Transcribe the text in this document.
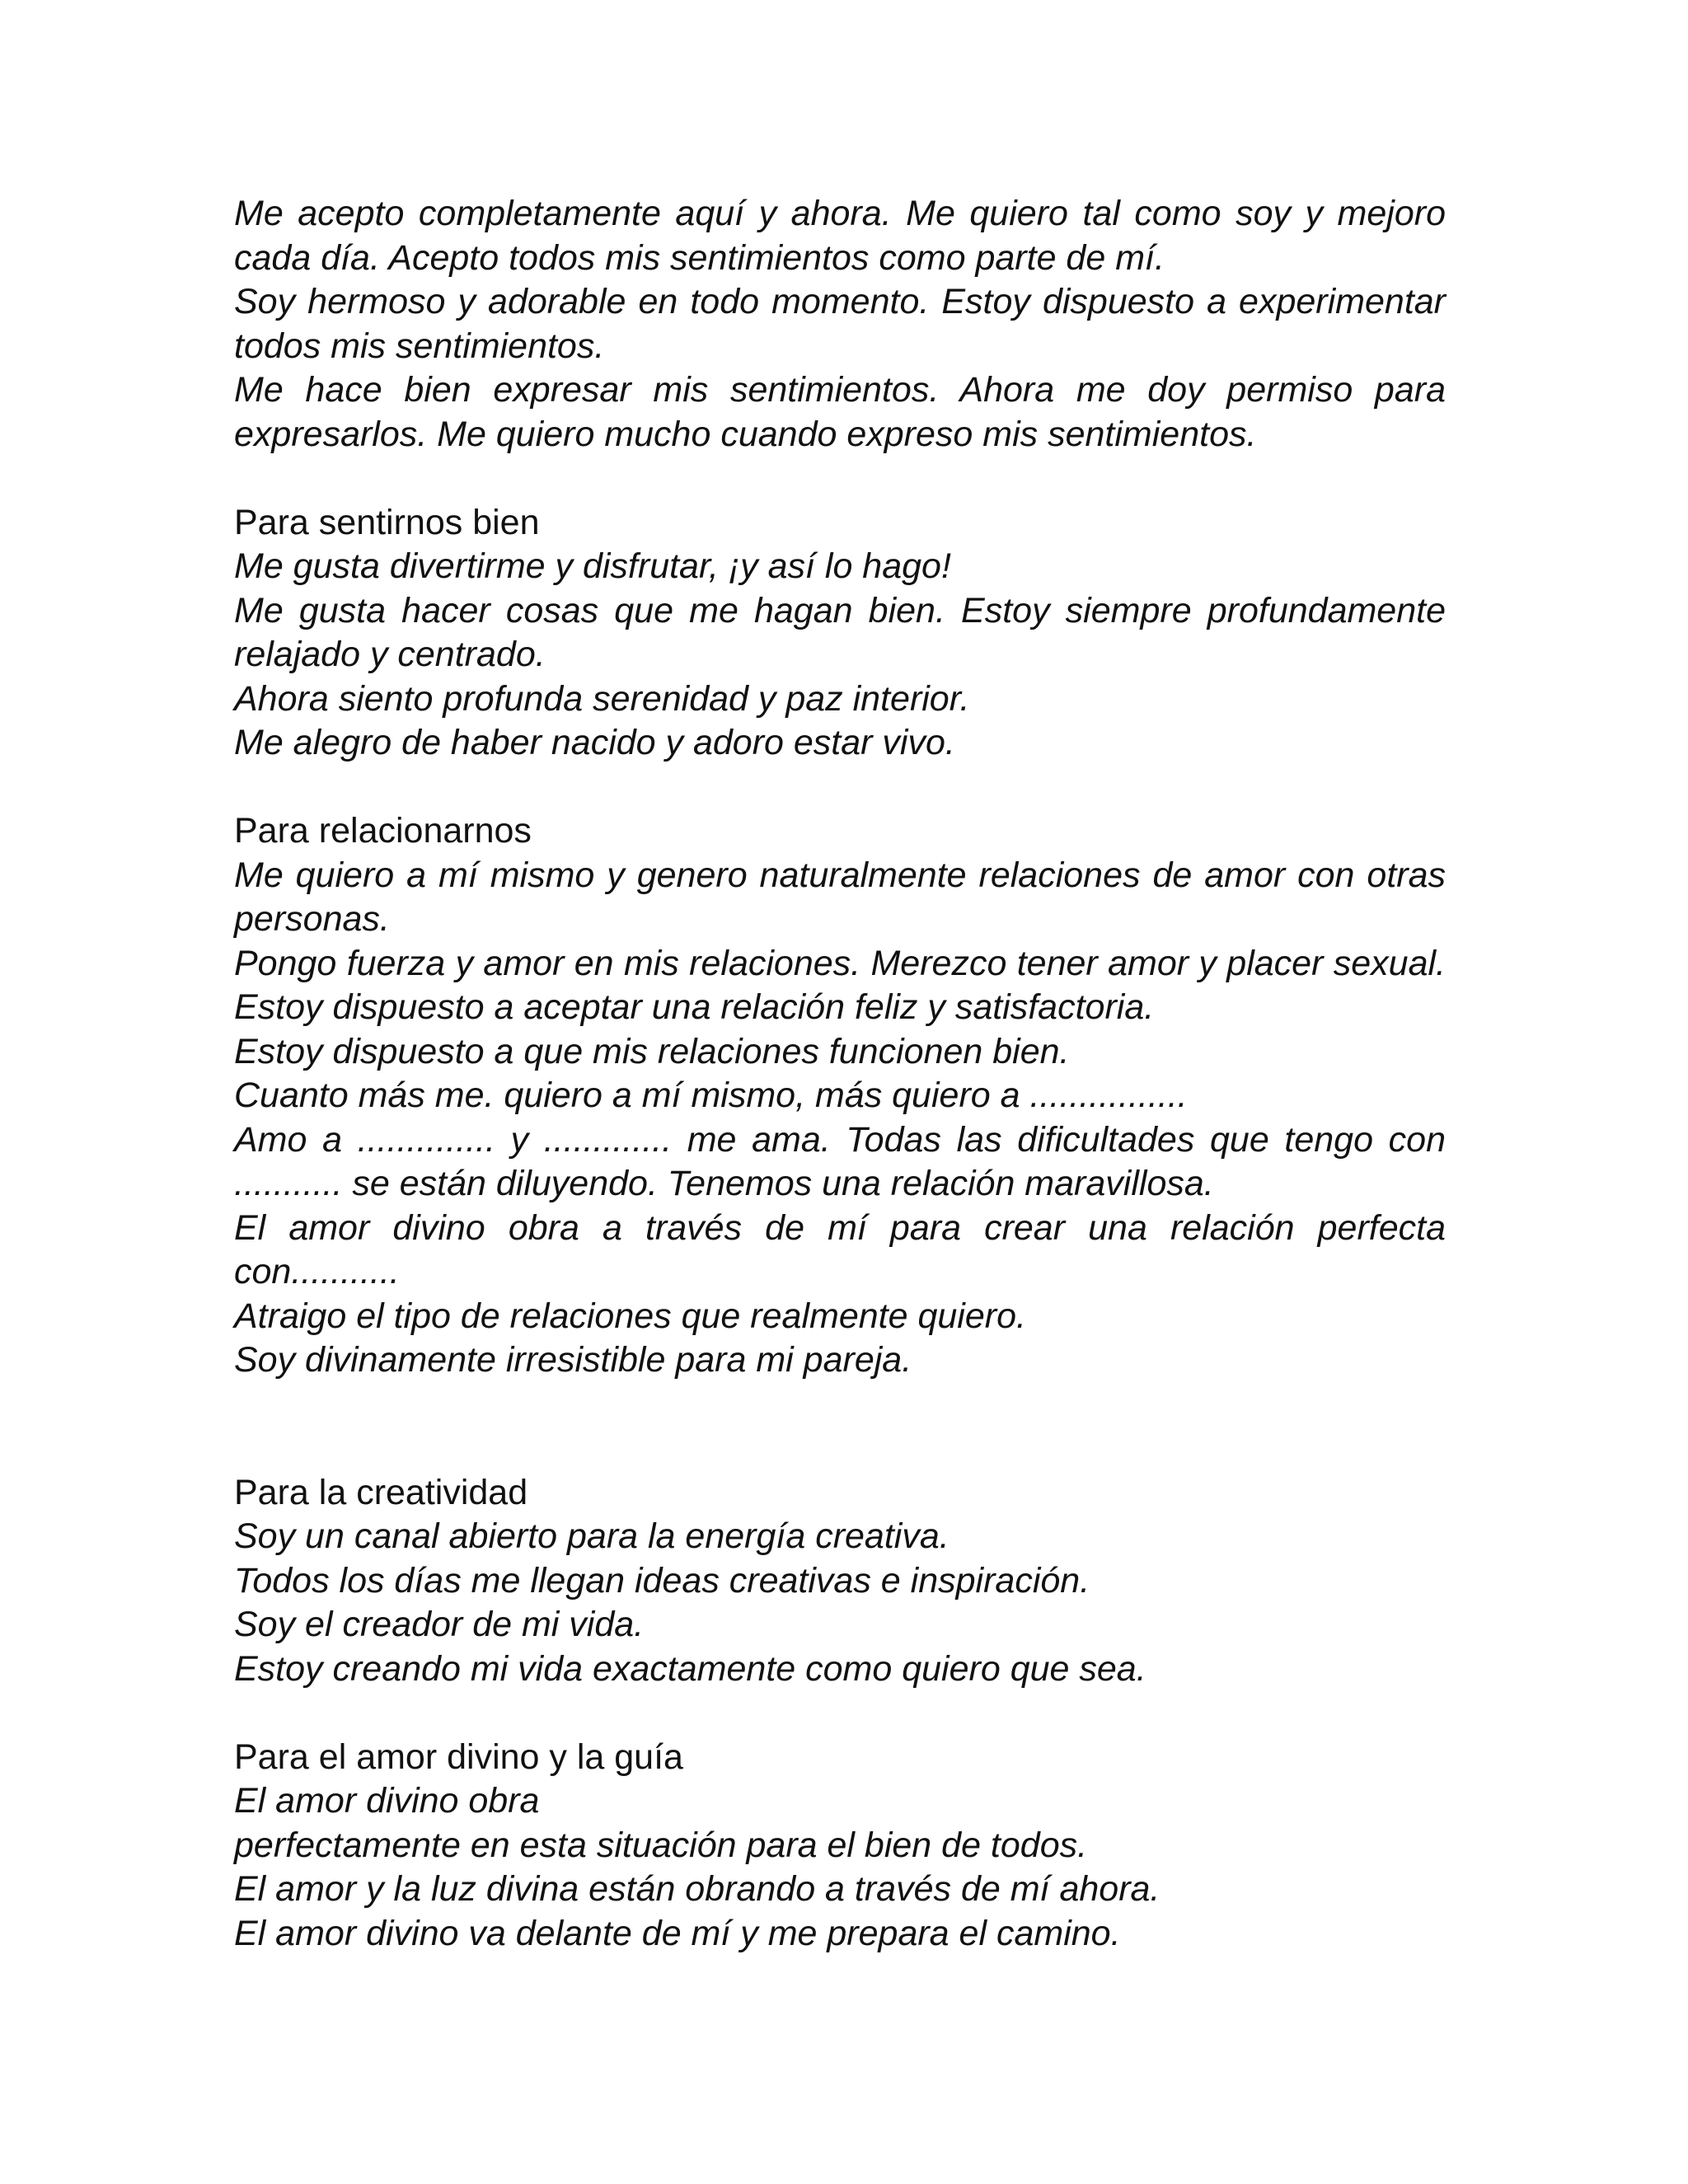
Me acepto completamente aquí y ahora. Me quiero tal como soy y mejoro cada día. Acepto todos mis sentimientos como parte de mí.

Soy hermoso y adorable en todo momento. Estoy dispuesto a experimentar todos mis sentimientos.

Me hace bien expresar mis sentimientos. Ahora me doy permiso para expresarlos. Me quiero mucho cuando expreso mis sentimientos.

Para sentirnos bien

Me gusta divertirme y disfrutar, ¡y así lo hago!

Me gusta hacer cosas que me hagan bien. Estoy siempre profundamente relajado y centrado.

Ahora siento profunda serenidad y paz interior.

Me alegro de haber nacido y adoro estar vivo.

Para relacionarnos

Me quiero a mí mismo y genero naturalmente relaciones de amor con otras personas.

Pongo fuerza y amor en mis relaciones. Merezco tener amor y placer sexual. Estoy dispuesto a aceptar una relación feliz y satisfactoria.

Estoy dispuesto a que mis relaciones funcionen bien.

Cuanto más me. quiero a mí mismo, más quiero a ................

Amo a .............. y ............. me ama. Todas las dificultades que tengo con ........... se están diluyendo. Tenemos una relación maravillosa.

El amor divino obra a través de mí para crear una relación perfecta con...........

Atraigo el tipo de relaciones que realmente quiero.

Soy divinamente irresistible para mi pareja.

Para la creatividad

Soy un canal abierto para la energía creativa.

Todos los días me llegan ideas creativas e inspiración.

Soy el creador de mi vida.

Estoy creando mi vida exactamente como quiero que sea.

Para el amor divino y la guía

El amor divino obra

perfectamente en esta situación para el bien de todos.

El amor y la luz divina están obrando a través de mí ahora.

El amor divino va delante de mí y me prepara el camino.
